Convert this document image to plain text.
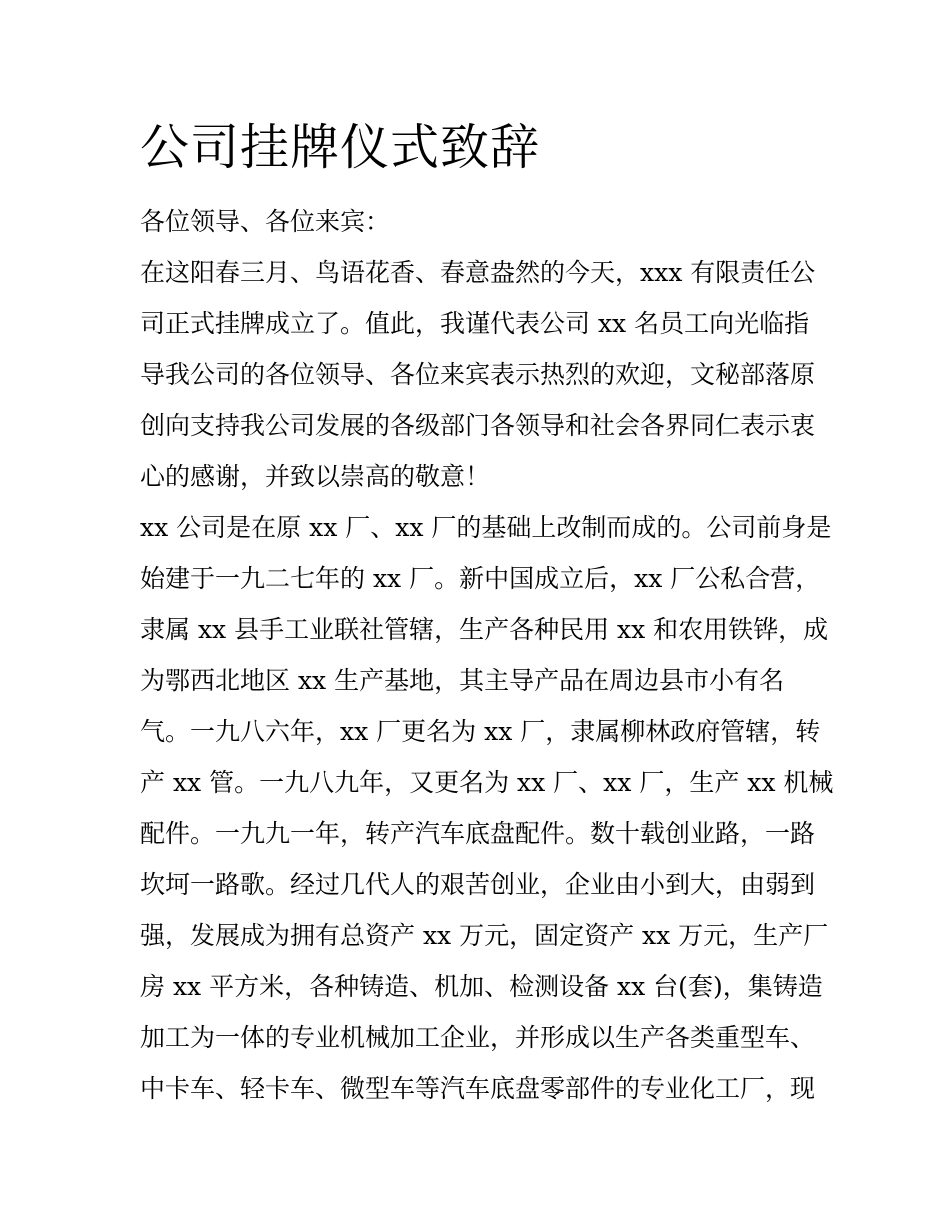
公司挂牌仪式致辞
各位领导、各位来宾：
在这阳春三月、鸟语花香、春意盎然的今天，xxx 有限责任公
司正式挂牌成立了。值此，我谨代表公司 xx 名员工向光临指
导我公司的各位领导、各位来宾表示热烈的欢迎，文秘部落原
创向支持我公司发展的各级部门各领导和社会各界同仁表示衷
心的感谢，并致以崇高的敬意！
xx 公司是在原 xx 厂、xx 厂的基础上改制而成的。公司前身是
始建于一九二七年的 xx 厂。新中国成立后，xx 厂公私合营，
隶属 xx 县手工业联社管辖，生产各种民用 xx 和农用铁铧，成
为鄂西北地区 xx 生产基地，其主导产品在周边县市小有名
气。一九八六年，xx 厂更名为 xx 厂，隶属柳林政府管辖，转
产 xx 管。一九八九年，又更名为 xx 厂、xx 厂，生产 xx 机械
配件。一九九一年，转产汽车底盘配件。数十载创业路，一路
坎坷一路歌。经过几代人的艰苦创业，企业由小到大，由弱到
强，发展成为拥有总资产 xx 万元，固定资产 xx 万元，生产厂
房 xx 平方米，各种铸造、机加、检测设备 xx 台(套)，集铸造
加工为一体的专业机械加工企业，并形成以生产各类重型车、
中卡车、轻卡车、微型车等汽车底盘零部件的专业化工厂，现
